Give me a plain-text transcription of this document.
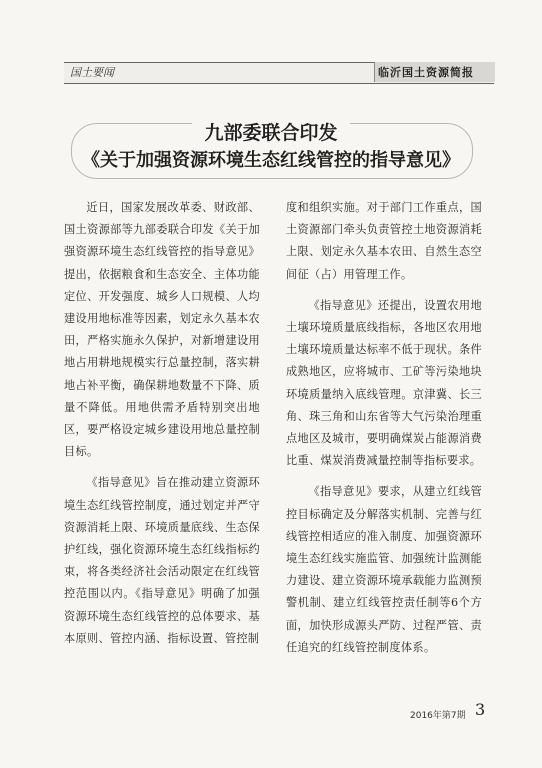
国土要闻	临沂国土资源简报
九部委联合印发
《关于加强资源环境生态红线管控的指导意见》

近日，国家发展改革委、财政部、国土资源部等九部委联合印发《关于加强资源环境生态红线管控的指导意见》提出，依据粮食和生态安全、主体功能定位、开发强度、城乡人口规模、人均建设用地标准等因素，划定永久基本农田，严格实施永久保护，对新增建设用地占用耕地规模实行总量控制，落实耕地占补平衡，确保耕地数量不下降、质量不降低。用地供需矛盾特别突出地区，要严格设定城乡建设用地总量控制目标。

《指导意见》旨在推动建立资源环境生态红线管控制度，通过划定并严守资源消耗上限、环境质量底线、生态保护红线，强化资源环境生态红线指标约束，将各类经济社会活动限定在红线管控范围以内。《指导意见》明确了加强资源环境生态红线管控的总体要求、基本原则、管控内涵、指标设置、管控制

度和组织实施。对于部门工作重点，国土资源部门牵头负责管控土地资源消耗上限、划定永久基本农田、自然生态空间征（占）用管理工作。

《指导意见》还提出，设置农用地土壤环境质量底线指标，各地区农用地土壤环境质量达标率不低于现状。条件成熟地区，应将城市、工矿等污染地块环境质量纳入底线管理。京津冀、长三角、珠三角和山东省等大气污染治理重点地区及城市，要明确煤炭占能源消费比重、煤炭消费减量控制等指标要求。

《指导意见》要求，从建立红线管控目标确定及分解落实机制、完善与红线管控相适应的准入制度、加强资源环境生态红线实施监管、加强统计监测能力建设、建立资源环境承载能力监测预警机制、建立红线管控责任制等6个方面，加快形成源头严防、过程严管、责任追究的红线管控制度体系。

2016年第7期 3
